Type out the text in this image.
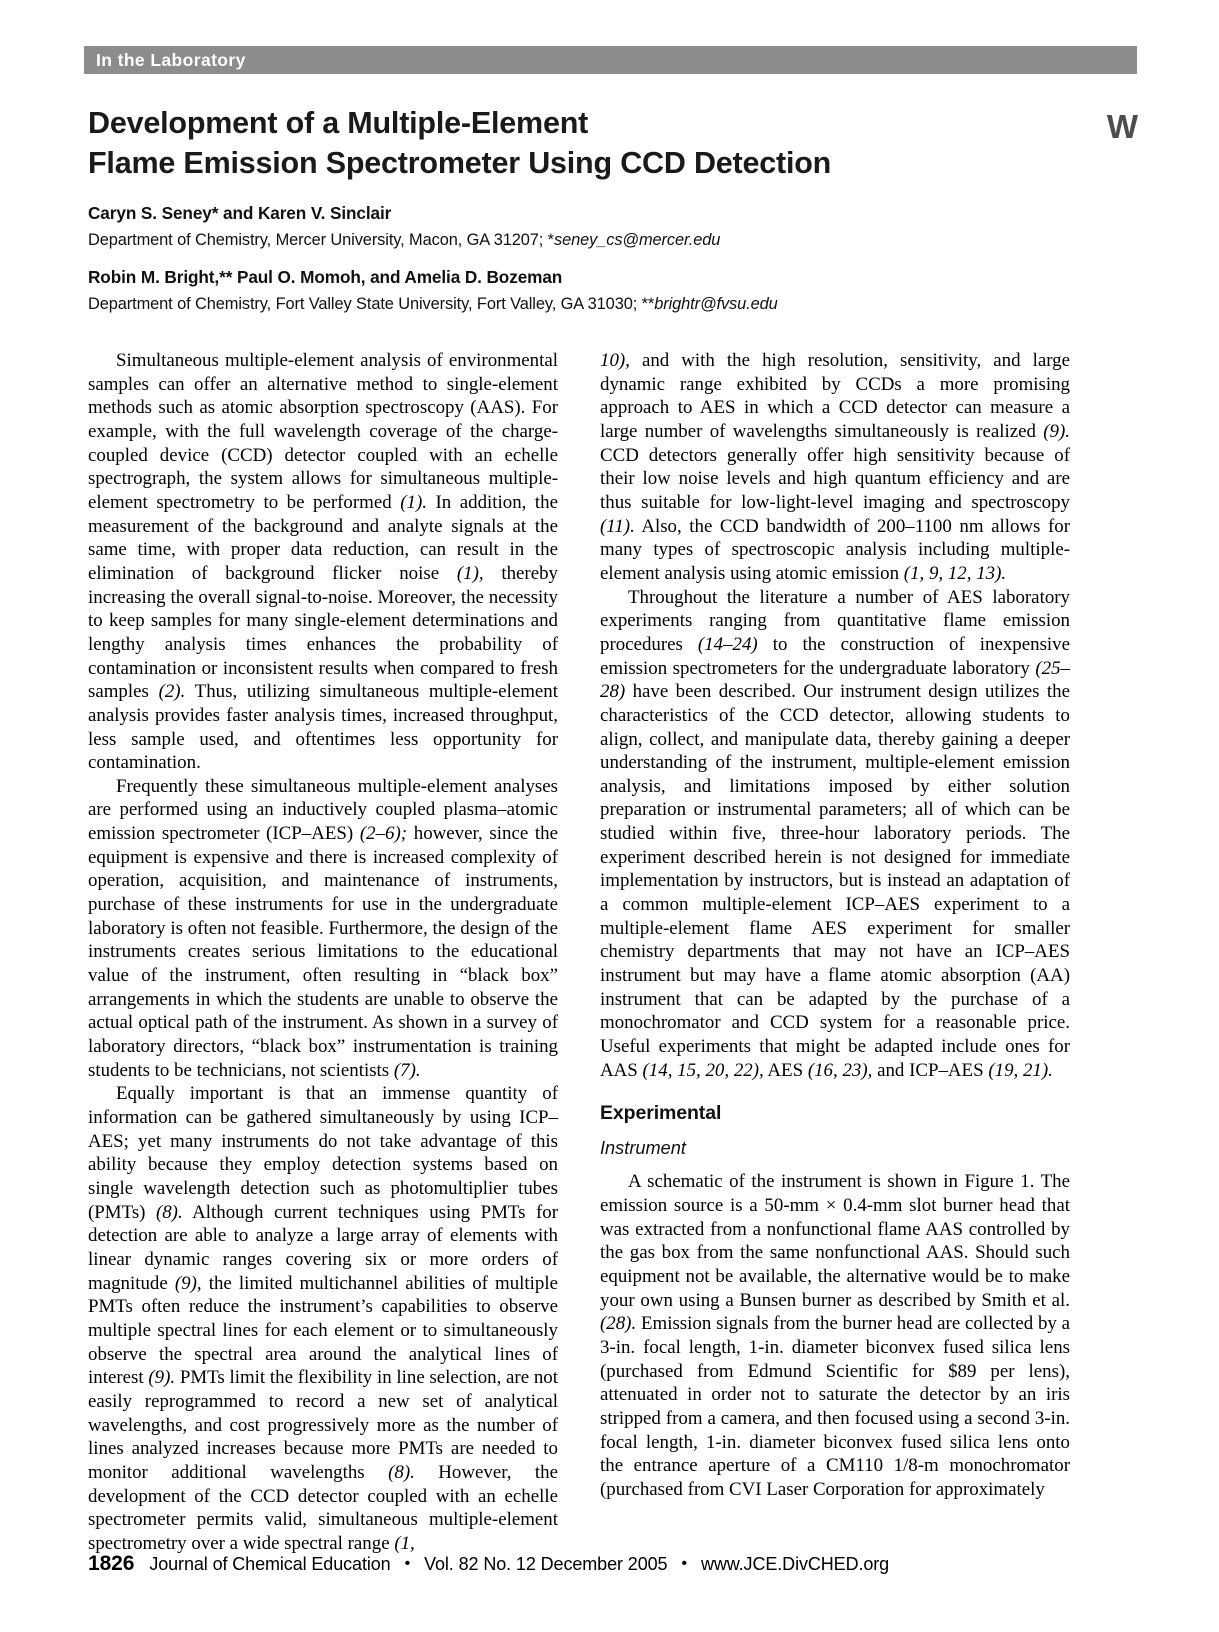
In the Laboratory
Development of a Multiple-Element
Flame Emission Spectrometer Using CCD Detection
W

Caryn S. Seney* and Karen V. Sinclair

Department of Chemistry, Mercer University, Macon, GA 31207; *seney_cs@mercer.edu

Robin M. Bright,** Paul O. Momoh, and Amelia D. Bozeman

Department of Chemistry, Fort Valley State University, Fort Valley, GA 31030; **brightr@fvsu.edu

Simultaneous multiple-element analysis of environmental samples can offer an alternative method to single-element methods such as atomic absorption spectroscopy (AAS). For example, with the full wavelength coverage of the charge-coupled device (CCD) detector coupled with an echelle spectrograph, the system allows for simultaneous multiple-element spectrometry to be performed (1). In addition, the measurement of the background and analyte signals at the same time, with proper data reduction, can result in the elimination of background flicker noise (1), thereby increasing the overall signal-to-noise. Moreover, the necessity to keep samples for many single-element determinations and lengthy analysis times enhances the probability of contamination or inconsistent results when compared to fresh samples (2). Thus, utilizing simultaneous multiple-element analysis provides faster analysis times, increased throughput, less sample used, and oftentimes less opportunity for contamination.

Frequently these simultaneous multiple-element analyses are performed using an inductively coupled plasma–atomic emission spectrometer (ICP–AES) (2–6); however, since the equipment is expensive and there is increased complexity of operation, acquisition, and maintenance of instruments, purchase of these instruments for use in the undergraduate laboratory is often not feasible. Furthermore, the design of the instruments creates serious limitations to the educational value of the instrument, often resulting in “black box” arrangements in which the students are unable to observe the actual optical path of the instrument. As shown in a survey of laboratory directors, “black box” instrumentation is training students to be technicians, not scientists (7).

Equally important is that an immense quantity of information can be gathered simultaneously by using ICP–AES; yet many instruments do not take advantage of this ability because they employ detection systems based on single wavelength detection such as photomultiplier tubes (PMTs) (8). Although current techniques using PMTs for detection are able to analyze a large array of elements with linear dynamic ranges covering six or more orders of magnitude (9), the limited multichannel abilities of multiple PMTs often reduce the instrument’s capabilities to observe multiple spectral lines for each element or to simultaneously observe the spectral area around the analytical lines of interest (9). PMTs limit the flexibility in line selection, are not easily reprogrammed to record a new set of analytical wavelengths, and cost progressively more as the number of lines analyzed increases because more PMTs are needed to monitor additional wavelengths (8). However, the development of the CCD detector coupled with an echelle spectrometer permits valid, simultaneous multiple-element spectrometry over a wide spectral range (1,

10), and with the high resolution, sensitivity, and large dynamic range exhibited by CCDs a more promising approach to AES in which a CCD detector can measure a large number of wavelengths simultaneously is realized (9). CCD detectors generally offer high sensitivity because of their low noise levels and high quantum efficiency and are thus suitable for low-light-level imaging and spectroscopy (11). Also, the CCD bandwidth of 200–1100 nm allows for many types of spectroscopic analysis including multiple-element analysis using atomic emission (1, 9, 12, 13).

Throughout the literature a number of AES laboratory experiments ranging from quantitative flame emission procedures (14–24) to the construction of inexpensive emission spectrometers for the undergraduate laboratory (25–28) have been described. Our instrument design utilizes the characteristics of the CCD detector, allowing students to align, collect, and manipulate data, thereby gaining a deeper understanding of the instrument, multiple-element emission analysis, and limitations imposed by either solution preparation or instrumental parameters; all of which can be studied within five, three-hour laboratory periods. The experiment described herein is not designed for immediate implementation by instructors, but is instead an adaptation of a common multiple-element ICP–AES experiment to a multiple-element flame AES experiment for smaller chemistry departments that may not have an ICP–AES instrument but may have a flame atomic absorption (AA) instrument that can be adapted by the purchase of a monochromator and CCD system for a reasonable price. Useful experiments that might be adapted include ones for AAS (14, 15, 20, 22), AES (16, 23), and ICP–AES (19, 21).

Experimental
Instrument

A schematic of the instrument is shown in Figure 1. The emission source is a 50-mm × 0.4-mm slot burner head that was extracted from a nonfunctional flame AAS controlled by the gas box from the same nonfunctional AAS. Should such equipment not be available, the alternative would be to make your own using a Bunsen burner as described by Smith et al. (28). Emission signals from the burner head are collected by a 3-in. focal length, 1-in. diameter biconvex fused silica lens (purchased from Edmund Scientific for $89 per lens), attenuated in order not to saturate the detector by an iris stripped from a camera, and then focused using a second 3-in. focal length, 1-in. diameter biconvex fused silica lens onto the entrance aperture of a CM110 1/8-m monochromator (purchased from CVI Laser Corporation for approximately

1826 Journal of Chemical Education • Vol. 82 No. 12 December 2005 • www.JCE.DivCHED.org
